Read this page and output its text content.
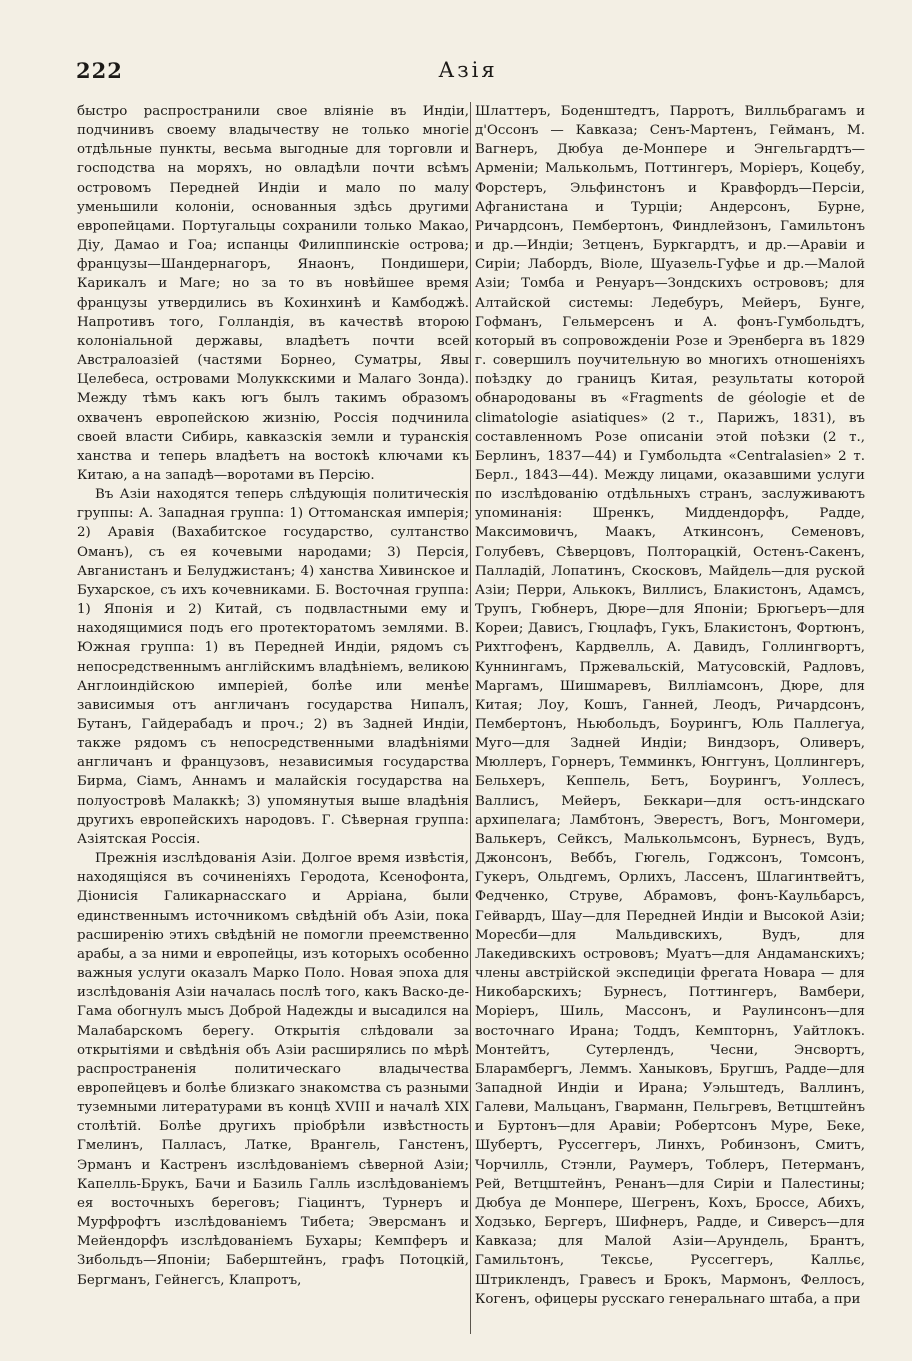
222	Азія

быстро распространили свое вліяніе въ Индіи, подчинивъ своему владычеству не только многіе отдѣльные пункты, весьма выгодные для торговли и господства на моряхъ, но овладѣли почти всѣмъ островомъ Передней Индіи и мало по малу уменьшили колоніи, основанныя здѣсь другими европейцами. Португальцы сохранили только Макао, Діу, Дамао и Гоа; испанцы Филиппинскіе острова; французы—Шандернагоръ, Янаонъ, Пондишери, Карикалъ и Маге; но за то въ новѣйшее время французы утвердились въ Кохинхинѣ и Камбоджѣ. Напротивъ того, Голландія, въ качествѣ второю колоніальной державы, владѣетъ почти всей Австралоазіей (частями Борнео, Суматры, Явы Целебеса, островами Молуккскими и Малаго Зонда). Между тѣмъ какъ югъ былъ такимъ образомъ охваченъ европейскою жизнію, Россія подчинила своей власти Сибирь, кавказскія земли и туранскія ханства и теперь владѣетъ на востокѣ ключами къ Китаю, а на западѣ—воротами въ Персію.

Въ Азіи находятся теперь слѣдующія политическія группы: А. Западная группа: 1) Оттоманская имперія; 2) Аравія (Вахабитское государство, султанство Оманъ), съ ея кочевыми народами; 3) Персія, Авганистанъ и Белуджистанъ; 4) ханства Хивинское и Бухарское, съ ихъ кочевниками. Б. Восточная группа: 1) Японія и 2) Китай, съ подвластными ему и находящимися подъ его протекторатомъ землями. В. Южная группа: 1) въ Передней Индіи, рядомъ съ непосредственнымъ англійскимъ владѣніемъ, великою Англоиндійскою имперіей, болѣе или менѣе зависимыя отъ англичанъ государства Нипалъ, Бутанъ, Гайдерабадъ и проч.; 2) въ Задней Индіи, также рядомъ съ непосредственными владѣніями англичанъ и французовъ, независимыя государства Бирма, Сіамъ, Аннамъ и малайскія государства на полуостровѣ Малаккѣ; 3) упомянутыя выше владѣнія другихъ европейскихъ народовъ. Г. Сѣверная группа: Азіятская Россія.

Прежнія изслѣдованія Азіи. Долгое время извѣстія, находящіяся въ сочиненіяхъ Геродота, Ксенофонта, Діонисія Галикарнасскаго и Арріана, были единственнымъ источникомъ свѣдѣній объ Азіи, пока расширенію этихъ свѣдѣній не помогли преемственно арабы, а за ними и европейцы, изъ которыхъ особенно важныя услуги оказалъ Марко Поло. Новая эпоха для изслѣдованія Азіи началась послѣ того, какъ Васко-де-Гама обогнулъ мысъ Доброй Надежды и высадился на Малабарскомъ берегу. Открытія слѣдовали за открытіями и свѣдѣнія объ Азіи расширялись по мѣрѣ распространенія политическаго владычества европейцевъ и болѣе близкаго знакомства съ разными туземными литературами въ концѣ XVIII и началѣ XIX столѣтій. Болѣе другихъ пріобрѣли извѣстность Гмелинъ, Палласъ, Латке, Врангель, Ганстенъ, Эрманъ и Кастренъ изслѣдованіемъ сѣверной Азіи; Капелль-Брукъ, Бачи и Базиль Галль изслѣдованіемъ ея восточныхъ береговъ; Гіацинтъ, Турнеръ и Мурфрофтъ изслѣдованіемъ Тибета; Эверсманъ и Мейендорфъ изслѣдованіемъ Бухары; Кемпферъ и Зибольдъ—Японіи; Баберштейнъ, графъ Потоцкій, Бергманъ, Гейнегсъ, Клапротъ,

Шлаттеръ, Боденштедтъ, Парротъ, Вилльбрагамъ и д'Оссонъ — Кавказа; Сенъ-Мартенъ, Гейманъ, М. Вагнеръ, Дюбуа де-Монпере и Энгельгардтъ—Арменіи; Малькольмъ, Поттингеръ, Моріеръ, Коцебу, Форстеръ, Эльфинстонъ и Кравфордъ—Персіи, Афганистана и Турціи; Андерсонъ, Бурне, Ричардсонъ, Пембертонъ, Финдлейзонъ, Гамильтонъ и др.—Индіи; Зетценъ, Буркгардтъ, и др.—Аравіи и Сиріи; Лабордъ, Віоле, Шуазель-Гуфье и др.—Малой Азіи; Томба и Ренуаръ—Зондскихъ острововъ; для Алтайской системы: Ледебуръ, Мейеръ, Бунге, Гофманъ, Гельмерсенъ и А. фонъ-Гумбольдтъ, который въ сопровожденіи Розе и Эренберга въ 1829 г. совершилъ поучительную во многихъ отношеніяхъ поѣздку до границъ Китая, результаты которой обнародованы въ «Fragments de géologie et de climatologie asiatiques» (2 т., Парижъ, 1831), въ составленномъ Розе описаніи этой поѣзки (2 т., Берлинъ, 1837—44) и Гумбольдта «Centralasien» 2 т. Берл., 1843—44). Между лицами, оказавшими услуги по изслѣдованію отдѣльныхъ странъ, заслуживаютъ упоминанія: Шренкъ, Миддендорфъ, Радде, Максимовичъ, Маакъ, Аткинсонъ, Семеновъ, Голубевъ, Сѣверцовъ, Полторацкій, Остенъ-Сакенъ, Палладій, Лопатинъ, Скосковъ, Майдель—для руской Азіи; Перри, Алькокъ, Виллисъ, Блакистонъ, Адамсъ, Трупъ, Гюбнеръ, Дюре—для Японіи; Брюгьеръ—для Кореи; Дависъ, Гюцлафъ, Гукъ, Блакистонъ, Фортюнъ, Рихтгофенъ, Кардвелль, А. Давидъ, Голлингвортъ, Куннингамъ, Пржевальскій, Матусовскій, Радловъ, Маргамъ, Шишмаревъ, Вилліамсонъ, Дюре, для Китая; Лоу, Кошъ, Ганней, Леодъ, Ричардсонъ, Пембертонъ, Ньюбольдъ, Боурингъ, Юль Паллегуа, Муго—для Задней Индіи; Виндзоръ, Оливеръ, Мюллеръ, Горнеръ, Темминкъ, Юнггунъ, Цоллингеръ, Бельхеръ, Кеппель, Бетъ, Боурингъ, Уоллесъ, Валлисъ, Мейеръ, Беккари—для остъ-индскаго архипелага; Ламбтонъ, Эверестъ, Вогъ, Монгомери, Валькеръ, Сейксъ, Малькольмсонъ, Бурнесъ, Вудъ, Джонсонъ, Веббъ, Гюгель, Годжсонъ, Томсонъ, Гукеръ, Ольдгемъ, Орлихъ, Лассенъ, Шлагинтвейтъ, Федченко, Струве, Абрамовъ, фонъ-Каульбарсъ, Гейвардъ, Шау—для Передней Индіи и Высокой Азіи; Моресби—для Мальдивскихъ, Вудъ, для Лакедивскихъ острововъ; Муатъ—для Андаманскихъ; члены австрійской экспедиціи фрегата Новара — для Никобарскихъ; Бурнесъ, Поттингеръ, Вамбери, Моріеръ, Шиль, Массонъ, и Раулинсонъ—для восточнаго Ирана; Тоддъ, Кемпторнъ, Уайтлокъ. Монтейтъ, Сутерлендъ, Чесни, Энсвортъ, Бларамбергъ, Леммъ. Ханыковъ, Бругшъ, Радде—для Западной Индіи и Ирана; Уэльштедъ, Валлинъ, Галеви, Мальцанъ, Гварманн, Пельгревъ, Ветцштейнъ и Буртонъ—для Аравіи; Робертсонъ Муре, Беке, Шубертъ, Руссеггеръ, Линхъ, Робинзонъ, Смитъ, Чорчилль, Стэнли, Раумеръ, Тоблеръ, Петерманъ, Рей, Ветцштейнъ, Ренанъ—для Сиріи и Палестины; Дюбуа де Монпере, Шегренъ, Кохъ, Броссе, Абихъ, Ходзько, Бергеръ, Шифнеръ, Радде, и Сиверсъ—для Кавказа; для Малой Азіи—Арундель, Брантъ, Гамильтонъ, Тексье, Руссеггеръ, Калльє, Штриклендъ, Гравесъ и Брокъ, Мармонъ, Феллосъ, Когенъ, офицеры русскаго генеральнаго штаба, а при
